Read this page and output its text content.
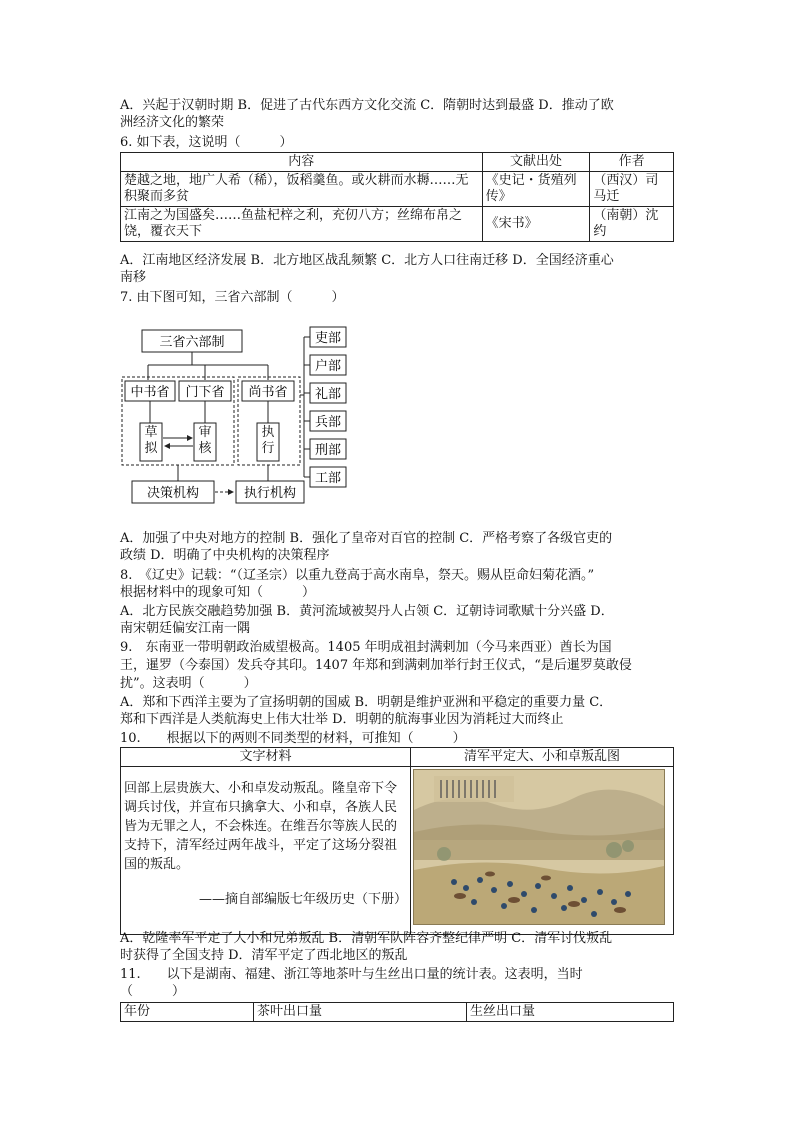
A．兴起于汉朝时期 B．促进了古代东西方文化交流 C．隋朝时达到最盛 D．推动了欧
洲经济文化的繁荣
6. 如下表，这说明（　　　）
内容	文献出处	作者
楚越之地，地广人希（稀），饭稻羹鱼。或火耕而水耨……无积聚而多贫	《史记・货殖列传》	（西汉）司马迁
江南之为国盛矣……鱼盐杞梓之利，充仞八方；丝绵布帛之饶，覆衣天下	《宋书》	（南朝）沈约
A．江南地区经济发展 B．北方地区战乱频繁 C．北方人口往南迁移 D．全国经济重心
南移
7. 由下图可知，三省六部制（　　　）
三省六部制
中书省 门下省 尚书省
草拟
审核
执行
决策机构	执行机构
吏部
户部
礼部
兵部
刑部
工部
A．加强了中央对地方的控制 B．强化了皇帝对百官的控制 C．严格考察了各级官吏的
政绩 D．明确了中央机构的决策程序
8.　《辽史》记载：“（辽圣宗）以重九登高于高水南阜，祭天。赐从臣命妇菊花酒。”
根据材料中的现象可知（　　　）
A．北方民族交融趋势加强 B．黄河流域被契丹人占领 C．辽朝诗词歌赋十分兴盛 D．
南宋朝廷偏安江南一隅
9.　东南亚一带明朝政治威望极高。1405 年明成祖封满剌加（今马来西亚）酋长为国
王，暹罗（今泰国）发兵夺其印。1407 年郑和到满剌加举行封王仪式，“是后暹罗莫敢侵
扰”。这表明（　　　）
A．郑和下西洋主要为了宣扬明朝的国威 B．明朝是维护亚洲和平稳定的重要力量 C．
郑和下西洋是人类航海史上伟大壮举 D．明朝的航海事业因为消耗过大而终止
10.　　根据以下的两则不同类型的材料，可推知（　　　）
文字材料	清军平定大、小和卓叛乱图

回部上层贵族大、小和卓发动叛乱。隆皇帝下令调兵讨伐，并宣布只擒拿大、小和卓，各族人民皆为无罪之人，不会株连。在维吾尔等族人民的支持下，清军经过两年战斗，平定了这场分裂祖国的叛乱。
——摘自部编版七年级历史（下册）

A．乾隆率军平定了大小和兄弟叛乱 B．清朝军队阵容齐整纪律严明 C．清军讨伐叛乱
时获得了全国支持 D．清军平定了西北地区的叛乱
11.　　以下是湖南、福建、浙江等地茶叶与生丝出口量的统计表。这表明，当时
（　　　）
年份	茶叶出口量	生丝出口量
